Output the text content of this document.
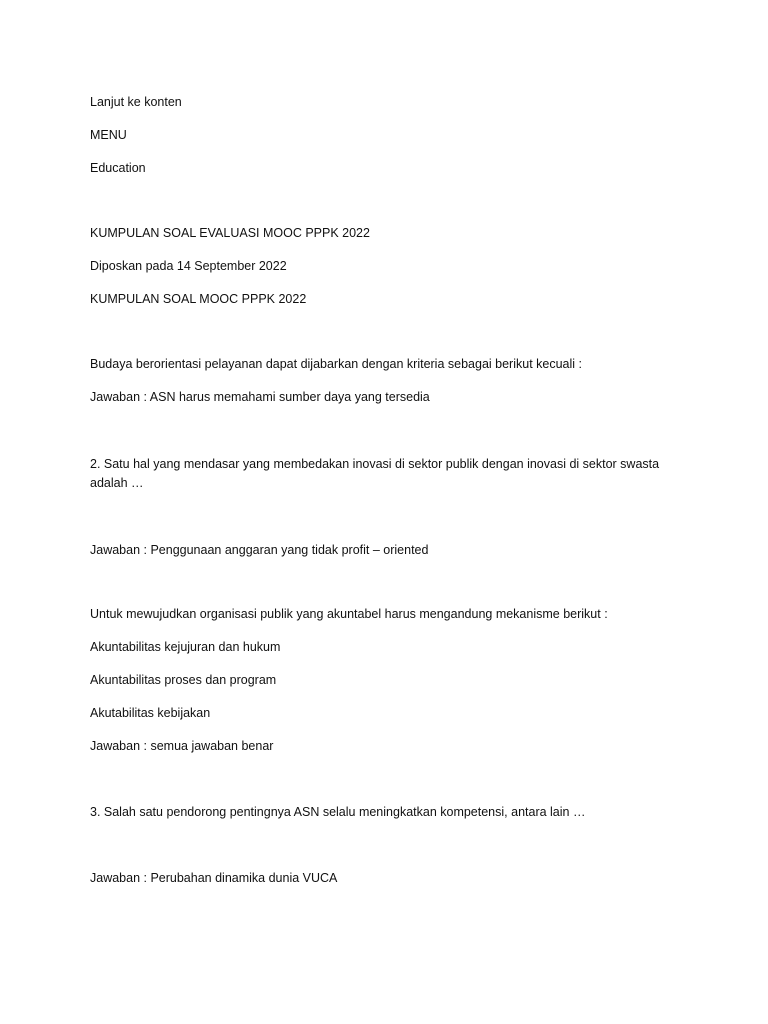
Lanjut ke konten
MENU
Education
KUMPULAN SOAL EVALUASI MOOC PPPK 2022
Diposkan pada 14 September 2022
KUMPULAN SOAL MOOC PPPK 2022
Budaya berorientasi pelayanan dapat dijabarkan dengan kriteria sebagai berikut kecuali :
Jawaban : ASN harus memahami sumber daya yang tersedia
2. Satu hal yang mendasar yang membedakan inovasi di sektor publik dengan inovasi di sektor swasta adalah …
Jawaban : Penggunaan anggaran yang tidak profit – oriented
Untuk mewujudkan organisasi publik yang akuntabel harus mengandung mekanisme berikut :
Akuntabilitas kejujuran dan hukum
Akuntabilitas proses dan program
Akutabilitas kebijakan
Jawaban : semua jawaban benar
3. Salah satu pendorong pentingnya ASN selalu meningkatkan kompetensi, antara lain …
Jawaban : Perubahan dinamika dunia VUCA
